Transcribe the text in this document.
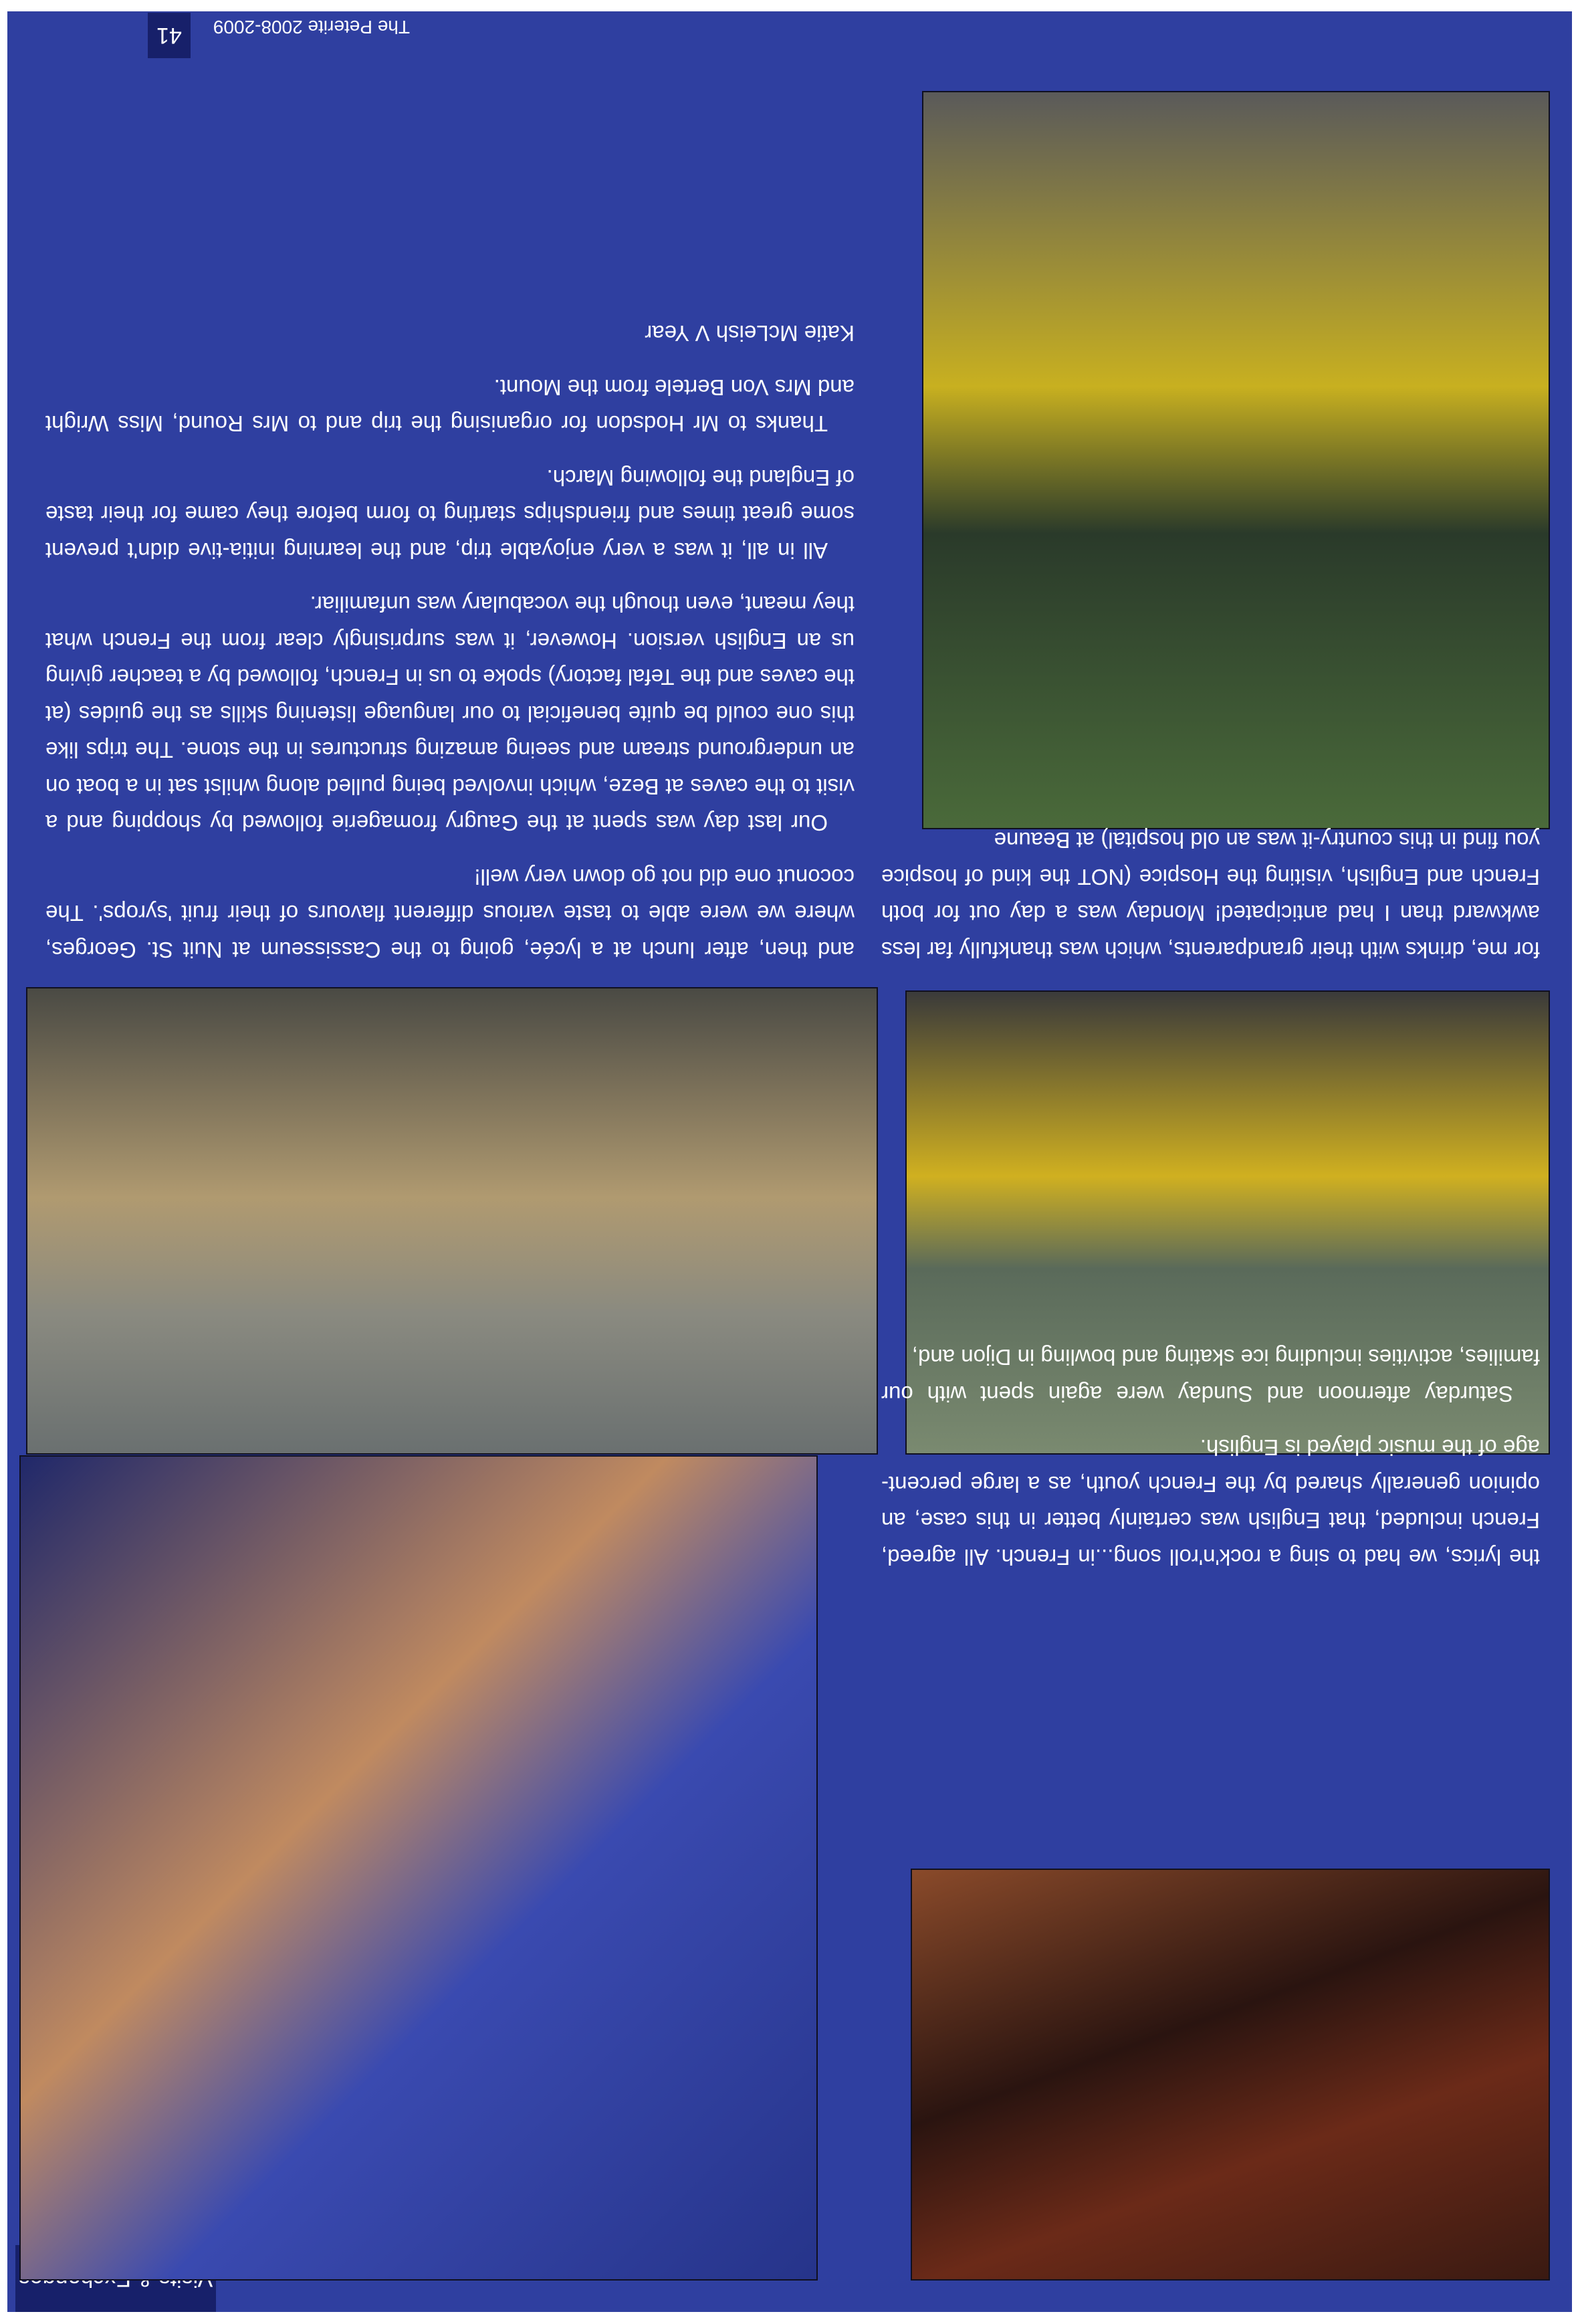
the lyrics, we had to sing a rock'n'roll song...in French. All agreed, French included, that English was certainly better in this case, an opinion generally shared by the French youth, as a large percent-age of the music played is English.

Saturday afternoon and Sunday were again spent with our families, activities including ice skating and bowling in Dijon and,

for me, drinks with their grandparents, which was thankfully far less awkward than I had anticipated! Monday was a day out for both French and English, visiting the Hospice (NOT the kind of hospice you find in this country-it was an old hospital) at Beaune

and then, after lunch at a lycée, going to the Cassisseum at Nuit St. Georges, where we were able to taste various different flavours of their fruit 'syrops'. The coconut one did not go down very well!

Our last day was spent at the Gaugry fromagerie followed by shopping and a visit to the caves at Beze, which involved being pulled along whilst sat in a boat on an underground stream and seeing amazing structures in the stone. The trips like this one could be quite beneficial to our language listening skills as the guides (at the caves and the Tefal factory) spoke to us in French, followed by a teacher giving us an English version. However, it was surprisingly clear from the French what they meant, even though the vocabulary was unfamiliar.

All in all, it was a very enjoyable trip, and the learning initia-tive didn't prevent some great times and friendships starting to form before they came for their taste of England the following March.

Thanks to Mr Hodsdon for organising the trip and to Mrs Round, Miss Wright and Mrs Von Bertele from the Mount.

Katie McLeish V Year

The Peterite 2008-2009
41
